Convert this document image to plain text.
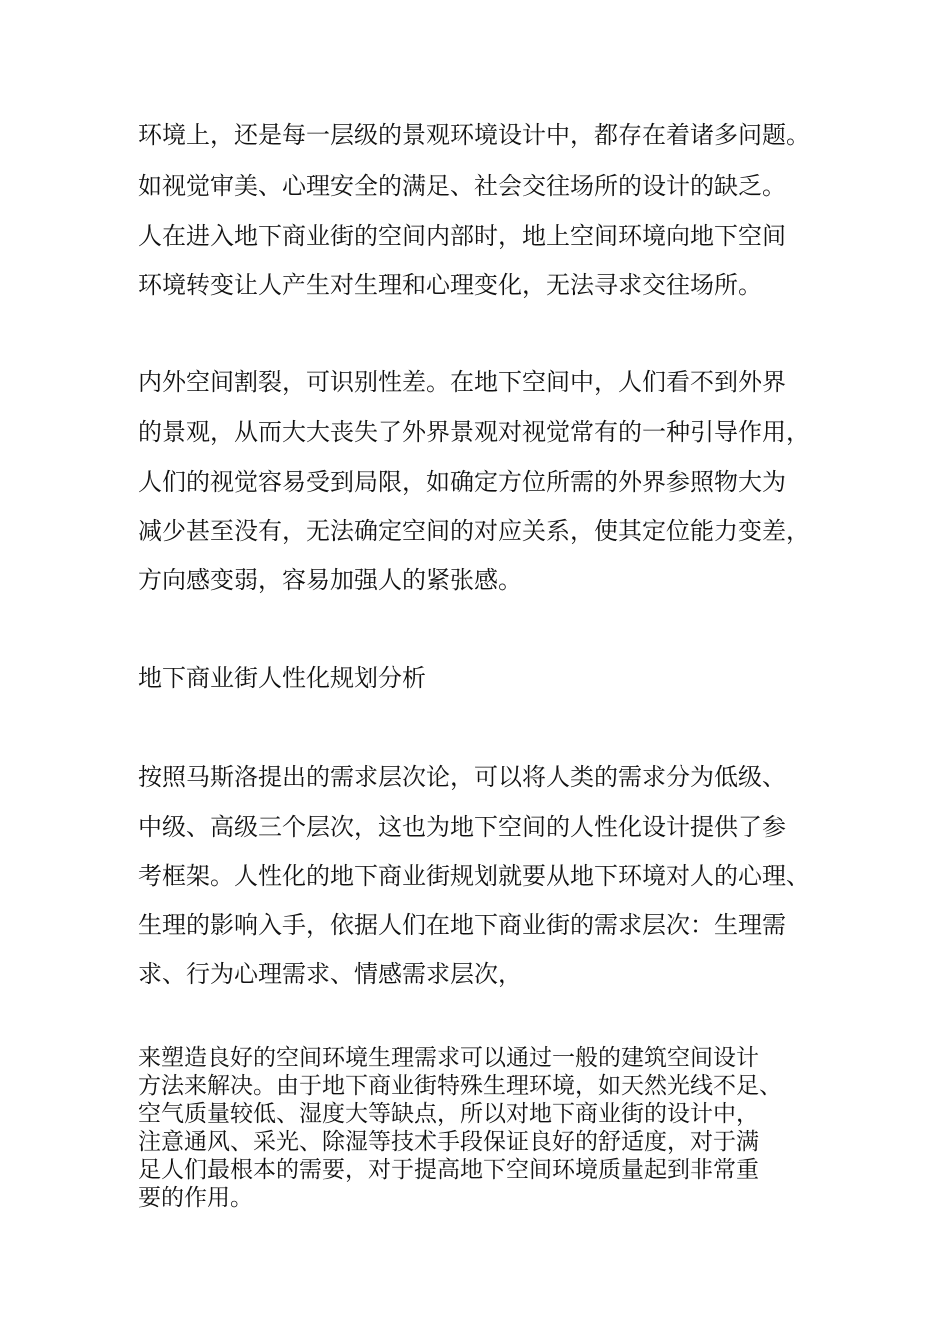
环境上，还是每一层级的景观环境设计中，都存在着诸多问题。
如视觉审美、心理安全的满足、社会交往场所的设计的缺乏。
人在进入地下商业街的空间内部时，地上空间环境向地下空间
环境转变让人产生对生理和心理变化，无法寻求交往场所。
内外空间割裂，可识别性差。在地下空间中，人们看不到外界
的景观，从而大大丧失了外界景观对视觉常有的一种引导作用，
人们的视觉容易受到局限，如确定方位所需的外界参照物大为
减少甚至没有，无法确定空间的对应关系，使其定位能力变差，
方向感变弱，容易加强人的紧张感。
地下商业街人性化规划分析
按照马斯洛提出的需求层次论，可以将人类的需求分为低级、
中级、高级三个层次，这也为地下空间的人性化设计提供了参
考框架。人性化的地下商业街规划就要从地下环境对人的心理、
生理的影响入手，依据人们在地下商业街的需求层次：生理需
求、行为心理需求、情感需求层次，
来塑造良好的空间环境生理需求可以通过一般的建筑空间设计
方法来解决。由于地下商业街特殊生理环境，如天然光线不足、
空气质量较低、湿度大等缺点，所以对地下商业街的设计中，
注意通风、采光、除湿等技术手段保证良好的舒适度，对于满
足人们最根本的需要，对于提高地下空间环境质量起到非常重
要的作用。
